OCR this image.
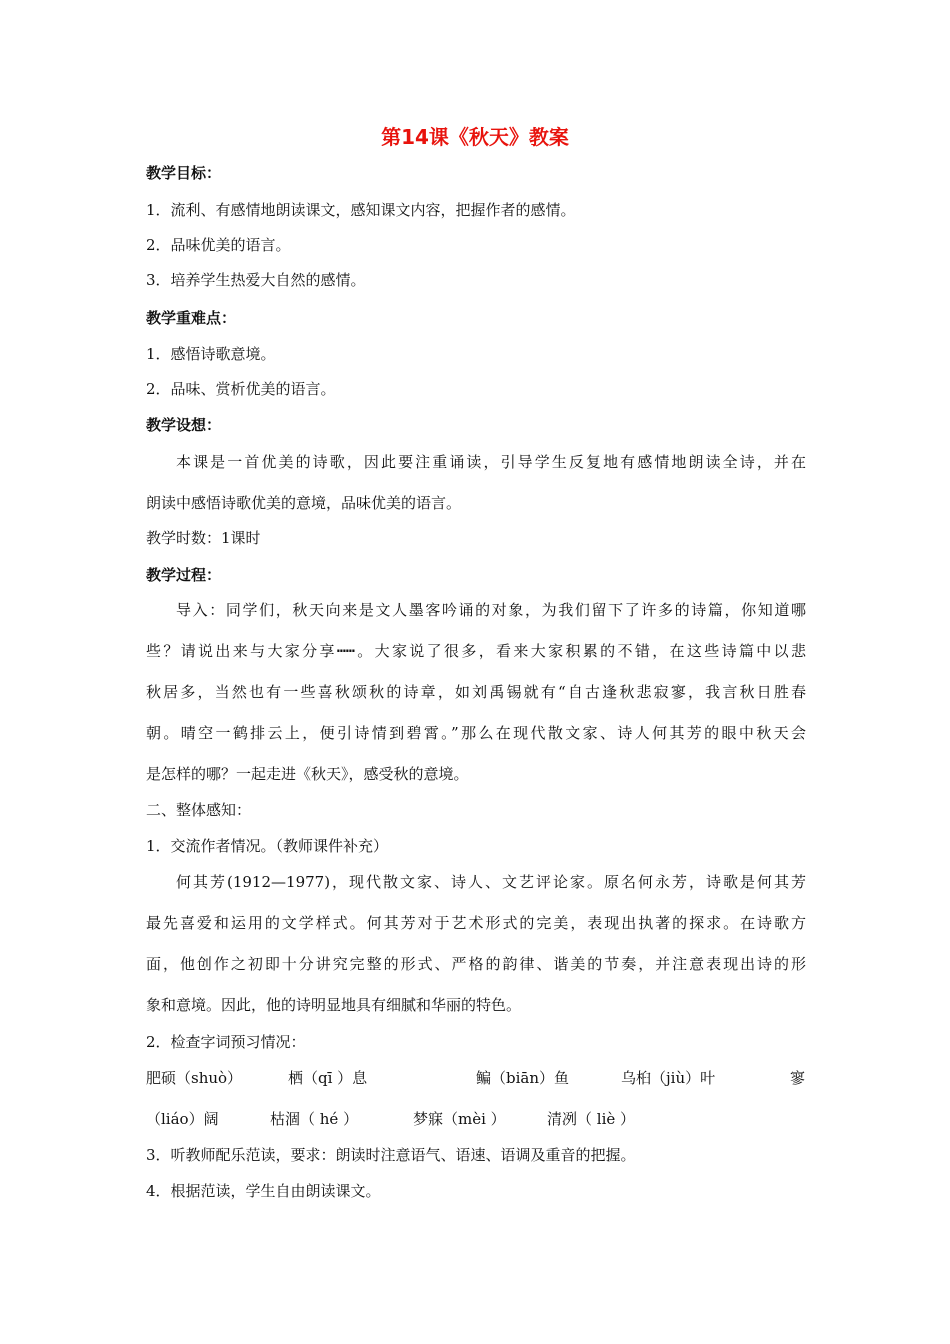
第14课《秋天》教案
教学目标：
1．流利、有感情地朗读课文，感知课文内容，把握作者的感情。
2．品味优美的语言。
3．培养学生热爱大自然的感情。
教学重难点：
1．感悟诗歌意境。
2．品味、赏析优美的语言。
教学设想：
本课是一首优美的诗歌，因此要注重诵读，引导学生反复地有感情地朗读全诗，并在
朗读中感悟诗歌优美的意境，品味优美的语言。
教学时数：1课时
教学过程：
导入：同学们，秋天向来是文人墨客吟诵的对象，为我们留下了许多的诗篇，你知道哪
些？请说出来与大家分享┅┅。大家说了很多，看来大家积累的不错，在这些诗篇中以悲
秋居多，当然也有一些喜秋颂秋的诗章，如刘禹锡就有“自古逢秋悲寂寥，我言秋日胜春
朝。晴空一鹤排云上，便引诗情到碧霄。”那么在现代散文家、诗人何其芳的眼中秋天会
是怎样的哪？一起走进《秋天》，感受秋的意境。
二、整体感知：
1．交流作者情况。（教师课件补充）
何其芳(1912—1977)，现代散文家、诗人、文艺评论家。原名何永芳，诗歌是何其芳
最先喜爱和运用的文学样式。何其芳对于艺术形式的完美，表现出执著的探求。在诗歌方
面，他创作之初即十分讲究完整的形式、严格的韵律、谐美的节奏，并注意表现出诗的形
象和意境。因此，他的诗明显地具有细腻和华丽的特色。
2．检查字词预习情况：
肥硕（shuò）	栖（qī ）息	鳊（biān）鱼	乌桕（jiù）叶	寥
（liáo）阔	枯涸（ hé ）	梦寐（mèi ）	清冽（ liè ）
3．听教师配乐范读，要求：朗读时注意语气、语速、语调及重音的把握。
4．根据范读，学生自由朗读课文。
